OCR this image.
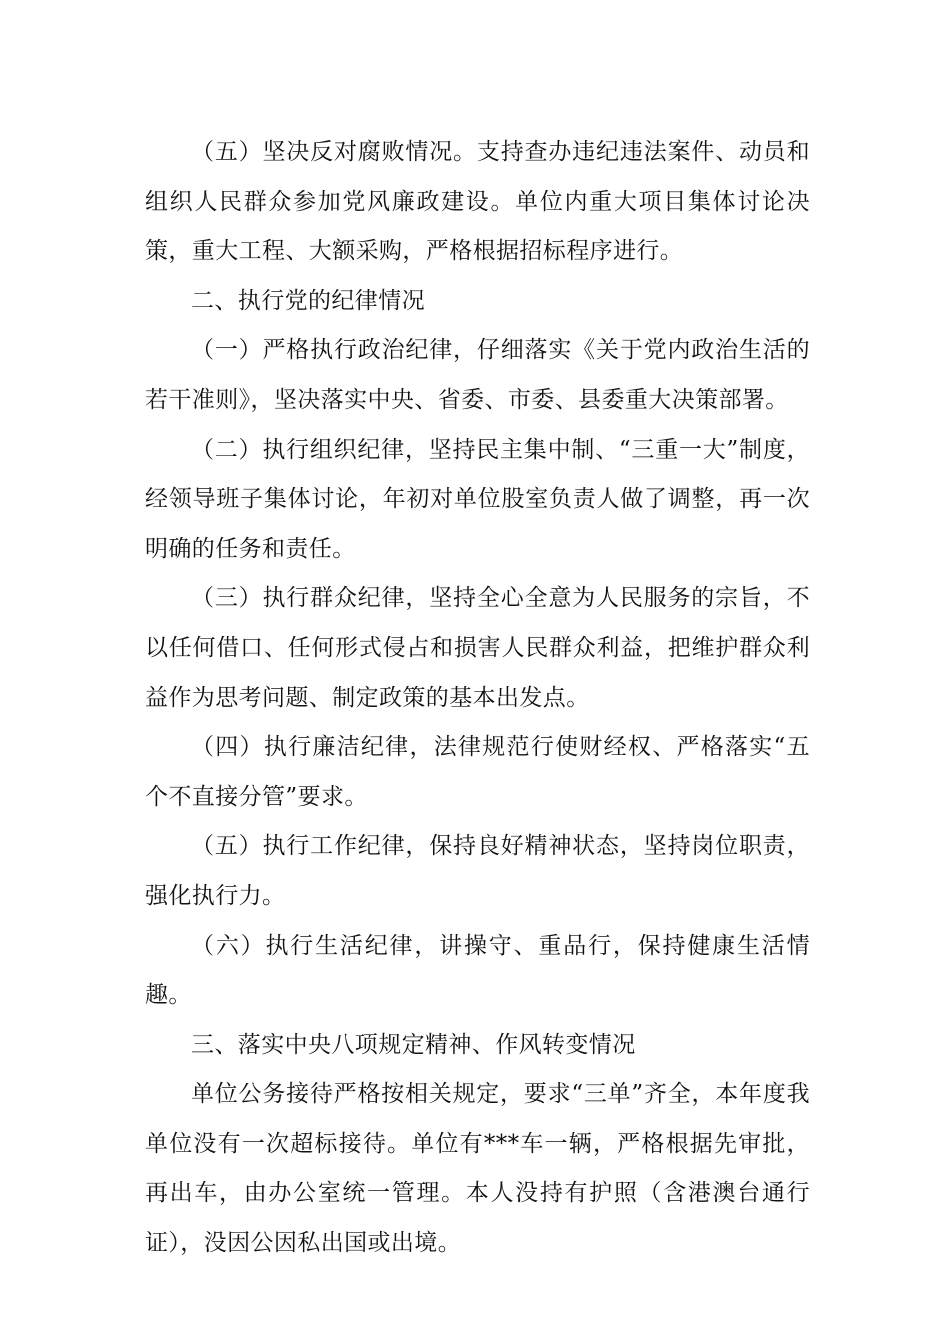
（五）坚决反对腐败情况。支持查办违纪违法案件、动员和组织人民群众参加党风廉政建设。单位内重大项目集体讨论决策，重大工程、大额采购，严格根据招标程序进行。

二、执行党的纪律情况

（一）严格执行政治纪律，仔细落实《关于党内政治生活的若干准则》，坚决落实中央、省委、市委、县委重大决策部署。

（二）执行组织纪律，坚持民主集中制、“三重一大”制度，经领导班子集体讨论，年初对单位股室负责人做了调整，再一次明确的任务和责任。

（三）执行群众纪律，坚持全心全意为人民服务的宗旨，不以任何借口、任何形式侵占和损害人民群众利益，把维护群众利益作为思考问题、制定政策的基本出发点。

（四）执行廉洁纪律，法律规范行使财经权、严格落实“五个不直接分管”要求。

（五）执行工作纪律，保持良好精神状态，坚持岗位职责，强化执行力。

（六）执行生活纪律，讲操守、重品行，保持健康生活情趣。

三、落实中央八项规定精神、作风转变情况

单位公务接待严格按相关规定，要求“三单”齐全，本年度我单位没有一次超标接待。单位有***车一辆，严格根据先审批，再出车，由办公室统一管理。本人没持有护照（含港澳台通行证），没因公因私出国或出境。
